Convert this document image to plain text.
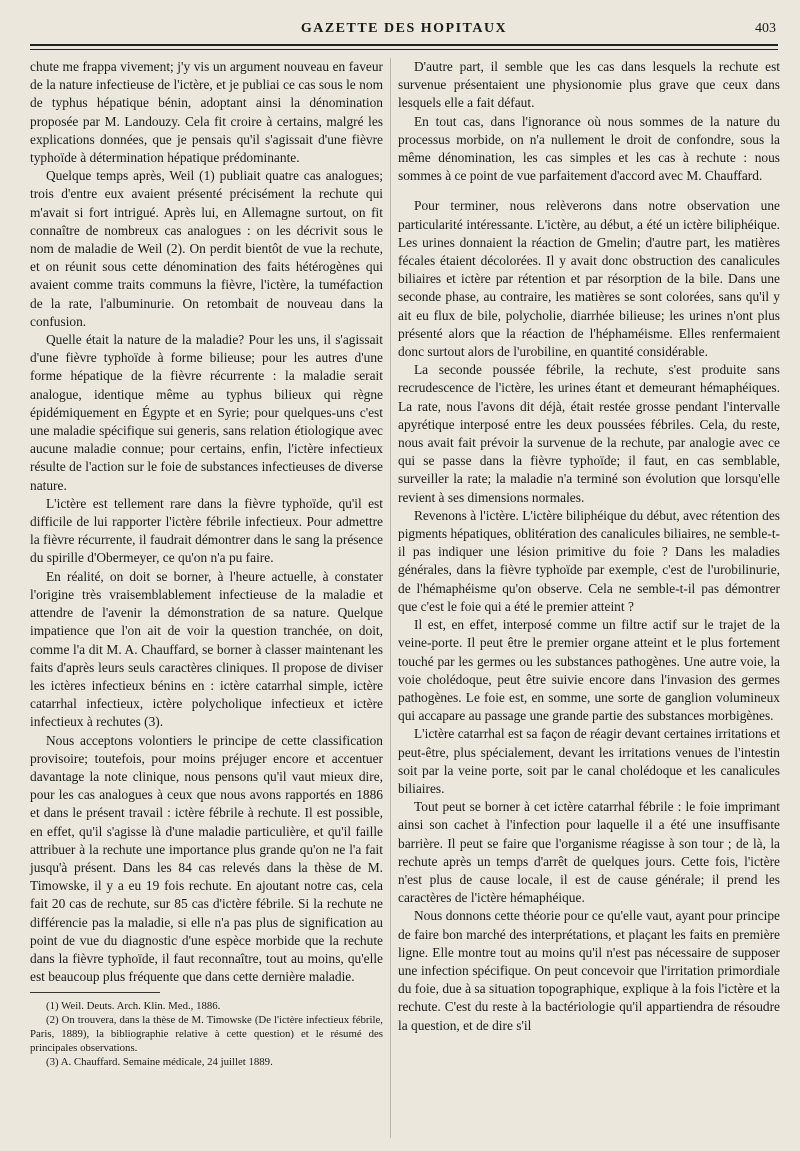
GAZETTE DES HOPITAUX	403

chute me frappa vivement; j'y vis un argument nouveau en faveur de la nature infectieuse de l'ictère, et je publiai ce cas sous le nom de typhus hépatique bénin, adoptant ainsi la dénomination proposée par M. Landouzy. Cela fit croire à certains, malgré les explications données, que je pensais qu'il s'agissait d'une fièvre typhoïde à détermination hépatique prédominante.

Quelque temps après, Weil (1) publiait quatre cas analogues; trois d'entre eux avaient présenté précisément la rechute qui m'avait si fort intrigué. Après lui, en Allemagne surtout, on fit connaître de nombreux cas analogues : on les décrivit sous le nom de maladie de Weil (2). On perdit bientôt de vue la rechute, et on réunit sous cette dénomination des faits hétérogènes qui avaient comme traits communs la fièvre, l'ictère, la tuméfaction de la rate, l'albuminurie. On retombait de nouveau dans la confusion.

Quelle était la nature de la maladie? Pour les uns, il s'agissait d'une fièvre typhoïde à forme bilieuse; pour les autres d'une forme hépatique de la fièvre récurrente : la maladie serait analogue, identique même au typhus bilieux qui règne épidémiquement en Égypte et en Syrie; pour quelques-uns c'est une maladie spécifique sui generis, sans relation étiologique avec aucune maladie connue; pour certains, enfin, l'ictère infectieux résulte de l'action sur le foie de substances infectieuses de diverse nature.

L'ictère est tellement rare dans la fièvre typhoïde, qu'il est difficile de lui rapporter l'ictère fébrile infectieux. Pour admettre la fièvre récurrente, il faudrait démontrer dans le sang la présence du spirille d'Obermeyer, ce qu'on n'a pu faire.

En réalité, on doit se borner, à l'heure actuelle, à constater l'origine très vraisemblablement infectieuse de la maladie et attendre de l'avenir la démonstration de sa nature. Quelque impatience que l'on ait de voir la question tranchée, on doit, comme l'a dit M. A. Chauffard, se borner à classer maintenant les faits d'après leurs seuls caractères cliniques. Il propose de diviser les ictères infectieux bénins en : ictère catarrhal simple, ictère catarrhal infectieux, ictère polycholique infectieux et ictère infectieux à rechutes (3).

Nous acceptons volontiers le principe de cette classification provisoire; toutefois, pour moins préjuger encore et accentuer davantage la note clinique, nous pensons qu'il vaut mieux dire, pour les cas analogues à ceux que nous avons rapportés en 1886 et dans le présent travail : ictère fébrile à rechute. Il est possible, en effet, qu'il s'agisse là d'une maladie particulière, et qu'il faille attribuer à la rechute une importance plus grande qu'on ne l'a fait jusqu'à présent. Dans les 84 cas relevés dans la thèse de M. Timowske, il y a eu 19 fois rechute. En ajoutant notre cas, cela fait 20 cas de rechute, sur 85 cas d'ictère fébrile. Si la rechute ne différencie pas la maladie, si elle n'a pas plus de signification au point de vue du diagnostic d'une espèce morbide que la rechute dans la fièvre typhoïde, il faut reconnaître, tout au moins, qu'elle est beaucoup plus fréquente que dans cette dernière maladie.

(1) Weil. Deuts. Arch. Klin. Med., 1886.

(2) On trouvera, dans la thèse de M. Timowske (De l'ictère infectieux fébrile, Paris, 1889), la bibliographie relative à cette question) et le résumé des principales observations.

(3) A. Chauffard. Semaine médicale, 24 juillet 1889.

D'autre part, il semble que les cas dans lesquels la rechute est survenue présentaient une physionomie plus grave que ceux dans lesquels elle a fait défaut.

En tout cas, dans l'ignorance où nous sommes de la nature du processus morbide, on n'a nullement le droit de confondre, sous la même dénomination, les cas simples et les cas à rechute : nous sommes à ce point de vue parfaitement d'accord avec M. Chauffard.

Pour terminer, nous relèverons dans notre observation une particularité intéressante. L'ictère, au début, a été un ictère biliphéique. Les urines donnaient la réaction de Gmelin; d'autre part, les matières fécales étaient décolorées. Il y avait donc obstruction des canalicules biliaires et ictère par rétention et par résorption de la bile. Dans une seconde phase, au contraire, les matières se sont colorées, sans qu'il y ait eu flux de bile, polycholie, diarrhée bilieuse; les urines n'ont plus présenté alors que la réaction de l'héphaméisme. Elles renfermaient donc surtout alors de l'urobiline, en quantité considérable.

La seconde poussée fébrile, la rechute, s'est produite sans recrudescence de l'ictère, les urines étant et demeurant hémaphéiques. La rate, nous l'avons dit déjà, était restée grosse pendant l'intervalle apyrétique interposé entre les deux poussées fébriles. Cela, du reste, nous avait fait prévoir la survenue de la rechute, par analogie avec ce qui se passe dans la fièvre typhoïde; il faut, en cas semblable, surveiller la rate; la maladie n'a terminé son évolution que lorsqu'elle revient à ses dimensions normales.

Revenons à l'ictère. L'ictère biliphéique du début, avec rétention des pigments hépatiques, oblitération des canalicules biliaires, ne semble-t-il pas indiquer une lésion primitive du foie ? Dans les maladies générales, dans la fièvre typhoïde par exemple, c'est de l'urobilinurie, de l'hémaphéisme qu'on observe. Cela ne semble-t-il pas démontrer que c'est le foie qui a été le premier atteint ?

Il est, en effet, interposé comme un filtre actif sur le trajet de la veine-porte. Il peut être le premier organe atteint et le plus fortement touché par les germes ou les substances pathogènes. Une autre voie, la voie cholédoque, peut être suivie encore dans l'invasion des germes pathogènes. Le foie est, en somme, une sorte de ganglion volumineux qui accapare au passage une grande partie des substances morbigènes.

L'ictère catarrhal est sa façon de réagir devant certaines irritations et peut-être, plus spécialement, devant les irritations venues de l'intestin soit par la veine porte, soit par le canal cholédoque et les canalicules biliaires.

Tout peut se borner à cet ictère catarrhal fébrile : le foie imprimant ainsi son cachet à l'infection pour laquelle il a été une insuffisante barrière. Il peut se faire que l'organisme réagisse à son tour ; de là, la rechute après un temps d'arrêt de quelques jours. Cette fois, l'ictère n'est plus de cause locale, il est de cause générale; il prend les caractères de l'ictère hémaphéique.

Nous donnons cette théorie pour ce qu'elle vaut, ayant pour principe de faire bon marché des interprétations, et plaçant les faits en première ligne. Elle montre tout au moins qu'il n'est pas nécessaire de supposer une infection spécifique. On peut concevoir que l'irritation primordiale du foie, due à sa situation topographique, explique à la fois l'ictère et la rechute. C'est du reste à la bactériologie qu'il appartiendra de résoudre la question, et de dire s'il
